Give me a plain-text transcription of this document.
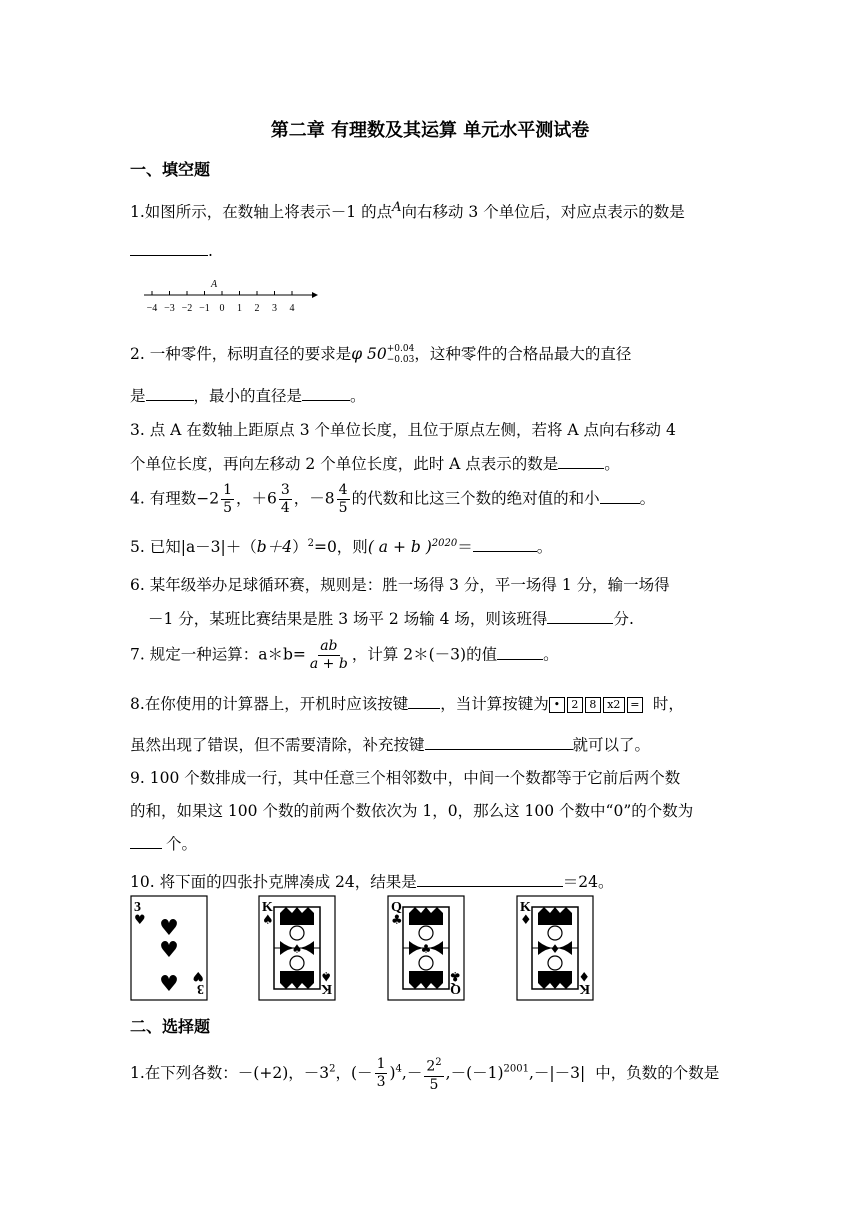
第二章 有理数及其运算 单元水平测试卷
一、填空题
1.如图所示，在数轴上将表示－1 的点$^A$向右移动 3 个单位后，对应点表示的数是
.
A
−4 −3 −2 −1 0 1 2 3 4
2. 一种零件，标明直径的要求是φ 50 +0.04
−0.03 ，这种零件的合格品最大的直径
是	，最小的直径是	。
3. 点 A 在数轴上距原点 3 个单位长度，且位于原点左侧，若将 A 点向右移动 4
个单位长度，再向左移动 2 个单位长度，此时 A 点表示的数是	。
4. 有理数$-2 \frac{1}{5}$ ，$+6 \frac{3}{4}$ ，$-8 \frac{4}{5}$ 的代数和比这三个数的绝对值的和小	。
5. 已知$|a-3|+(b+4)^2=0$，则( a + b )$^{2020}$＝	。
6. 某年级举办足球循环赛，规则是：胜一场得 3 分，平一场得 1 分，输一场得
－1 分，某班比赛结果是胜 3 场平 2 场输 4 场，则该班得	分.
7. 规定一种运算：a＊b= $\frac{ab}{a + b}$ ，计算 2＊(－3)的值	。
8.在你使用的计算器上，开机时应该按键 ，当计算按键为 • 2 8 x2 = 时，
虽然出现了错误，但不需要清除，补充按键	就可以了。
9. 100 个数排成一行，其中任意三个相邻数中，中间一个数都等于它前后两个数
的和，如果这 100 个数的前两个数依次为 1，0，那么这 100 个数中“0”的个数为
个。
10. 将下面的四张扑克牌凑成 24，结果是	＝24。
3
♥
3
♥
♥
♥
♥
K
♠
K
♠
♠
Q
♣
Q
♣
♣
K
♦
K
♦
♦
二、选择题
1.在下列各数：－(+2)，$-3^2$，(－ $\frac{1}{3} )^4,- \frac{2^2}{5} ,-(-1)^{2001},-|-3|$ 中，负数的个数是
